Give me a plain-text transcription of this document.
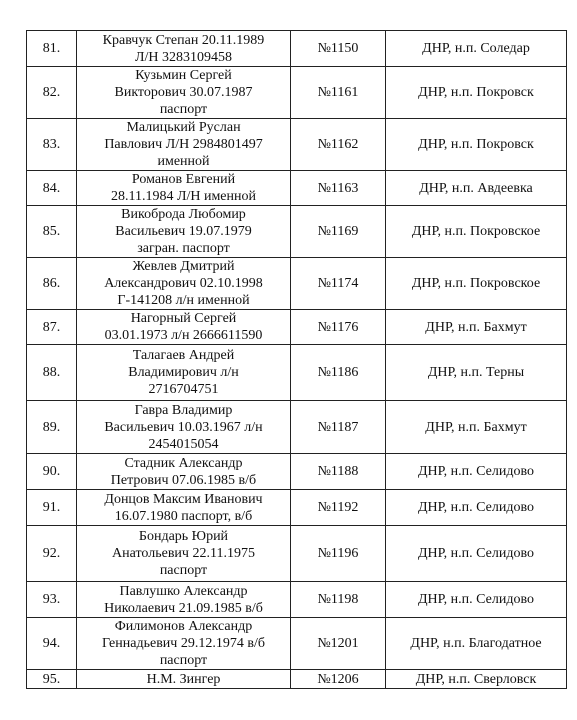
81.	Кравчук Степан 20.11.1989
Л/Н 3283109458	№1150	ДНР, н.п. Соледар
82.	Кузьмин Сергей
Викторович 30.07.1987
паспорт	№1161	ДНР, н.п. Покровск
83.	Малицький Руслан
Павлович Л/Н 2984801497
именной	№1162	ДНР, н.п. Покровск
84.	Романов Евгений
28.11.1984 Л/Н именной	№1163	ДНР, н.п. Авдеевка
85.	Викоброда Любомир
Васильевич 19.07.1979
загран. паспорт	№1169	ДНР, н.п. Покровское
86.	Жевлев Дмитрий
Александрович 02.10.1998
Г-141208 л/н именной	№1174	ДНР, н.п. Покровское
87.	Нагорный Сергей
03.01.1973 л/н 2666611590	№1176	ДНР, н.п. Бахмут
88.	Талагаев Андрей
Владимирович л/н
2716704751	№1186	ДНР, н.п. Терны
89.	Гавра Владимир
Васильевич 10.03.1967 л/н
2454015054	№1187	ДНР, н.п. Бахмут
90.	Стадник Александр
Петрович 07.06.1985 в/б	№1188	ДНР, н.п. Селидово
91.	Донцов Максим Иванович
16.07.1980 паспорт, в/б	№1192	ДНР, н.п. Селидово
92.	Бондарь Юрий
Анатольевич 22.11.1975
паспорт	№1196	ДНР, н.п. Селидово
93.	Павлушко Александр
Николаевич 21.09.1985 в/б	№1198	ДНР, н.п. Селидово
94.	Филимонов Александр
Геннадьевич 29.12.1974 в/б
паспорт	№1201	ДНР, н.п. Благодатное
95.	Н.М. Зингер	№1206	ДНР, н.п. Сверловск
